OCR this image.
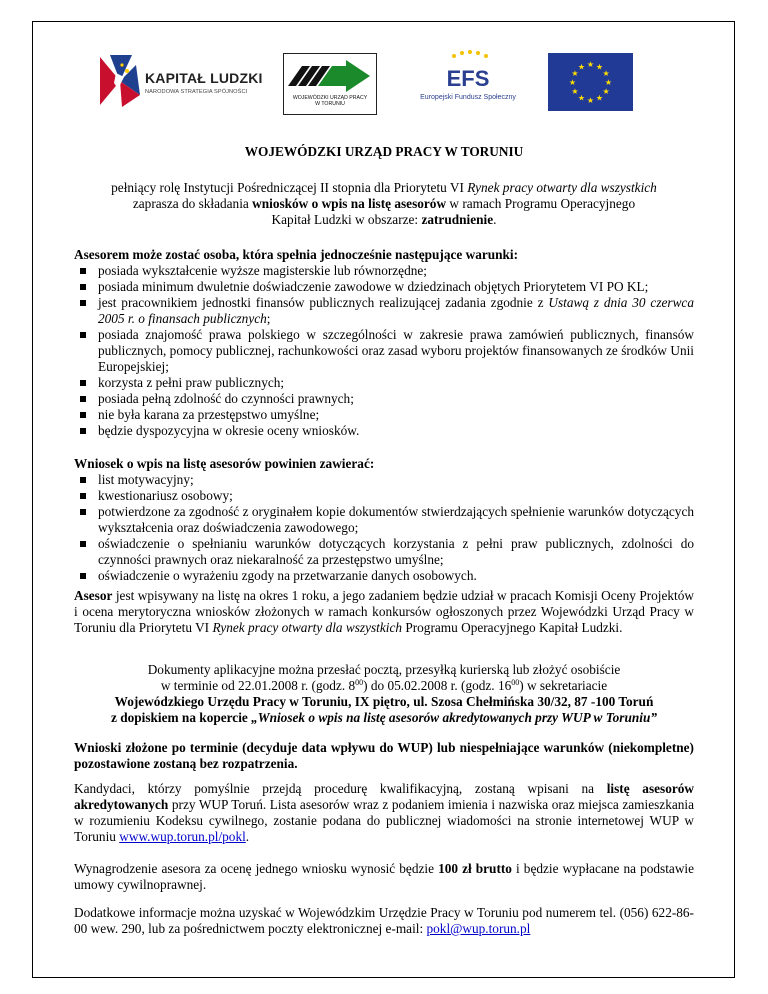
KAPITAŁ LUDZKI
NARODOWA STRATEGIA SPÓJNOŚCI
WOJEWÓDZKI URZĄD PRACY
W TORUNIU
EFS
Europejski Fundusz Społeczny
★ ★
★
★
★
★
★
★
★
★
★
★
WOJEWÓDZKI URZĄD PRACY W TORUNIU

pełniący rolę Instytucji Pośredniczącej II stopnia dla Priorytetu VI Rynek pracy otwarty dla wszystkich

zaprasza do składania wniosków o wpis na listę asesorów w ramach Programu Operacyjnego

Kapitał Ludzki w obszarze: zatrudnienie.

Asesorem może zostać osoba, która spełnia jednocześnie następujące warunki:
posiada wykształcenie wyższe magisterskie lub równorzędne;
posiada minimum dwuletnie doświadczenie zawodowe w dziedzinach objętych Priorytetem VI PO KL;
jest pracownikiem jednostki finansów publicznych realizującej zadania zgodnie z Ustawą z dnia 30 czerwca 2005 r. o finansach publicznych;
posiada znajomość prawa polskiego w szczególności w zakresie prawa zamówień publicznych, finansów publicznych, pomocy publicznej, rachunkowości oraz zasad wyboru projektów finansowanych ze środków Unii Europejskiej;
korzysta z pełni praw publicznych;
posiada pełną zdolność do czynności prawnych;
nie była karana za przestępstwo umyślne;
będzie dyspozycyjna w okresie oceny wniosków.
Wniosek o wpis na listę asesorów powinien zawierać:
list motywacyjny;
kwestionariusz osobowy;
potwierdzone za zgodność z oryginałem kopie dokumentów stwierdzających spełnienie warunków dotyczących wykształcenia oraz doświadczenia zawodowego;
oświadczenie o spełnianiu warunków dotyczących korzystania z pełni praw publicznych, zdolności do czynności prawnych oraz niekaralność za przestępstwo umyślne;
oświadczenie o wyrażeniu zgody na przetwarzanie danych osobowych.
Asesor jest wpisywany na listę na okres 1 roku, a jego zadaniem będzie udział w pracach Komisji Oceny Projektów i ocena merytoryczna wniosków złożonych w ramach konkursów ogłoszonych przez Wojewódzki Urząd Pracy w Toruniu dla Priorytetu VI Rynek pracy otwarty dla wszystkich Programu Operacyjnego Kapitał Ludzki.

Dokumenty aplikacyjne można przesłać pocztą, przesyłką kurierską lub złożyć osobiście

w terminie od 22.01.2008 r. (godz. $8^{00}$) do 05.02.2008 r. (godz. $16^{00}$) w sekretariacie

Wojewódzkiego Urzędu Pracy w Toruniu, IX piętro, ul. Szosa Chełmińska 30/32, 87 -100 Toruń

z dopiskiem na kopercie „Wniosek o wpis na listę asesorów akredytowanych przy WUP w Toruniu”

Wnioski złożone po terminie (decyduje data wpływu do WUP) lub niespełniające warunków (niekompletne) pozostawione zostaną bez rozpatrzenia.
Kandydaci, którzy pomyślnie przejdą procedurę kwalifikacyjną, zostaną wpisani na listę asesorów akredytowanych przy WUP Toruń. Lista asesorów wraz z podaniem imienia i nazwiska oraz miejsca zamieszkania w rozumieniu Kodeksu cywilnego, zostanie podana do publicznej wiadomości na stronie internetowej WUP w Toruniu www.wup.torun.pl/pokl.
Wynagrodzenie asesora za ocenę jednego wniosku wynosić będzie 100 zł brutto i będzie wypłacane na podstawie umowy cywilnoprawnej.
Dodatkowe informacje można uzyskać w Wojewódzkim Urzędzie Pracy w Toruniu pod numerem tel. (056) 622-86-00 wew. 290, lub za pośrednictwem poczty elektronicznej e-mail: pokl@wup.torun.pl
